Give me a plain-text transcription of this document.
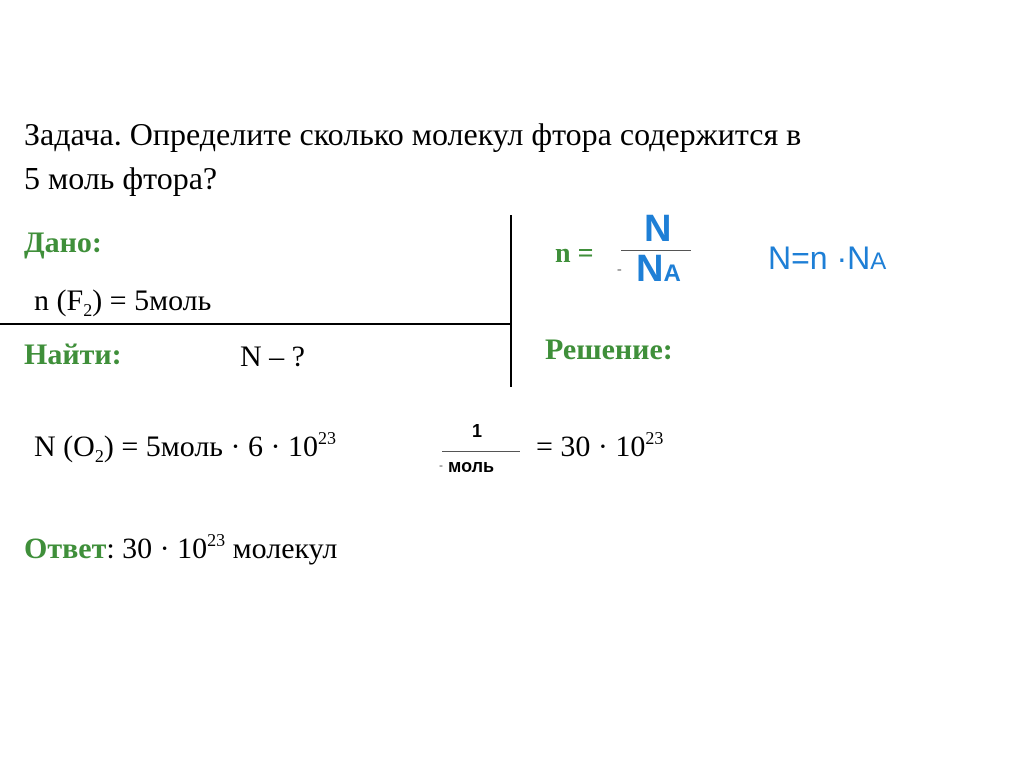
Задача. Определите сколько молекул фтора содержится в
5 моль фтора?
Дано:
n $(F_2)$ = 5моль
Найти:	N – ?
n =
-
N
NA	N=n ·NA
Решение:
N $(O_2)$ = 5моль · $6 \cdot 10^{23}$
-
1
моль
= $30 \cdot 10^{23}$
Ответ: $30 \cdot 10^{23}$ молекул
